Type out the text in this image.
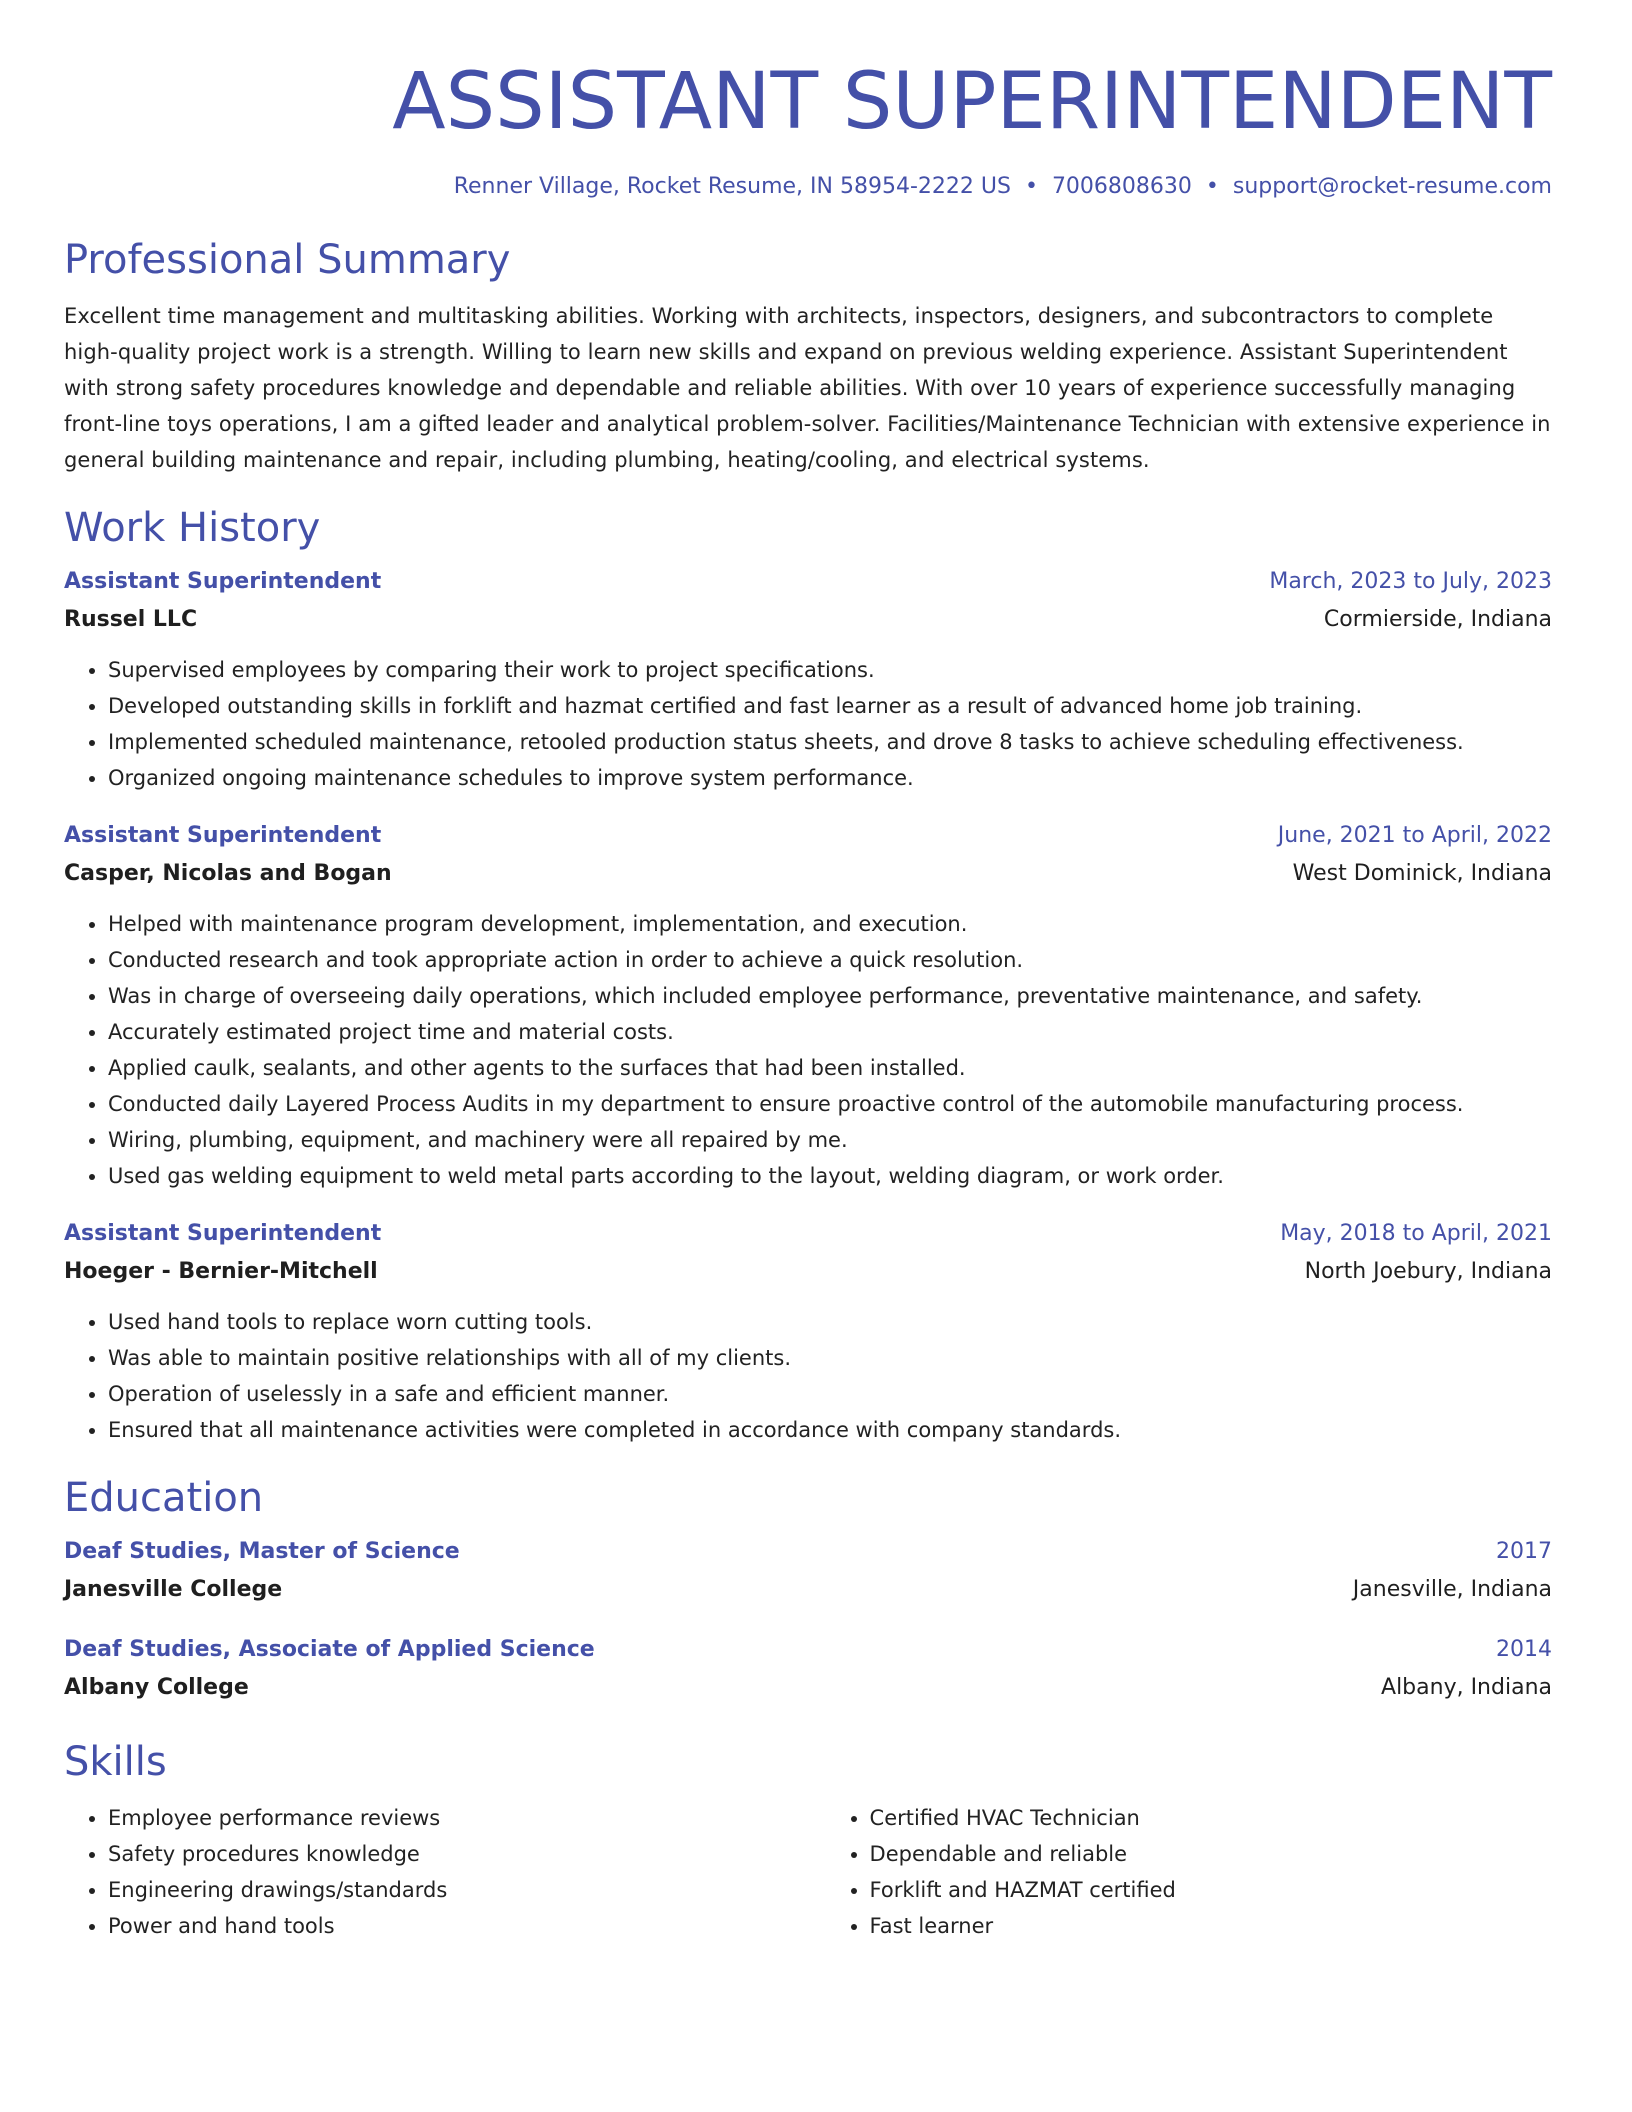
ASSISTANT SUPERINTENDENT
Renner Village, Rocket Resume, IN 58954-2222 US • 7006808630 • support@rocket-resume.com
Professional Summary
Excellent time management and multitasking abilities. Working with architects, inspectors, designers, and subcontractors to complete high-quality project work is a strength. Willing to learn new skills and expand on previous welding experience. Assistant Superintendent with strong safety procedures knowledge and dependable and reliable abilities. With over 10 years of experience successfully managing front-line toys operations, I am a gifted leader and analytical problem-solver. Facilities/Maintenance Technician with extensive experience in general building maintenance and repair, including plumbing, heating/cooling, and electrical systems.
Work History
Assistant Superintendent	March, 2023 to July, 2023
Russel LLC	Cormierside, Indiana
• Supervised employees by comparing their work to project specifications.
• Developed outstanding skills in forklift and hazmat certified and fast learner as a result of advanced home job training.
• Implemented scheduled maintenance, retooled production status sheets, and drove 8 tasks to achieve scheduling effectiveness.
• Organized ongoing maintenance schedules to improve system performance.
Assistant Superintendent	June, 2021 to April, 2022
Casper, Nicolas and Bogan	West Dominick, Indiana
• Helped with maintenance program development, implementation, and execution.
• Conducted research and took appropriate action in order to achieve a quick resolution.
• Was in charge of overseeing daily operations, which included employee performance, preventative maintenance, and safety.
• Accurately estimated project time and material costs.
• Applied caulk, sealants, and other agents to the surfaces that had been installed.
• Conducted daily Layered Process Audits in my department to ensure proactive control of the automobile manufacturing process.
• Wiring, plumbing, equipment, and machinery were all repaired by me.
• Used gas welding equipment to weld metal parts according to the layout, welding diagram, or work order.
Assistant Superintendent	May, 2018 to April, 2021
Hoeger - Bernier-Mitchell	North Joebury, Indiana
• Used hand tools to replace worn cutting tools.
• Was able to maintain positive relationships with all of my clients.
• Operation of uselessly in a safe and efficient manner.
• Ensured that all maintenance activities were completed in accordance with company standards.
Education
Deaf Studies, Master of Science	2017
Janesville College	Janesville, Indiana
Deaf Studies, Associate of Applied Science	2014
Albany College	Albany, Indiana
Skills
• Employee performance reviews
• Safety procedures knowledge
• Engineering drawings/standards
• Power and hand tools
• Certified HVAC Technician
• Dependable and reliable
• Forklift and HAZMAT certified
• Fast learner
